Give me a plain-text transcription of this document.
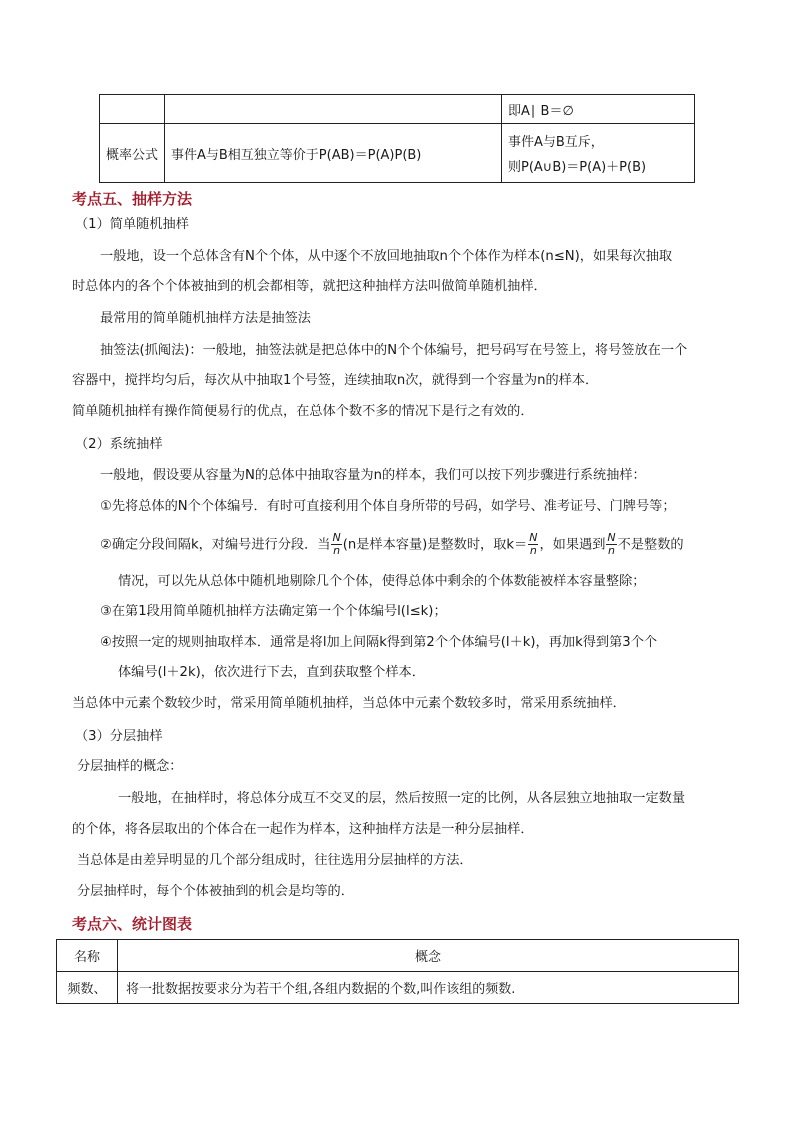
		即A∣ B＝∅
概率公式	事件A与B相互独立等价于P(AB)＝P(A)P(B)	事件A与B互斥，
则P(A∪B)＝P(A)＋P(B)
考点五、抽样方法
（1）简单随机抽样
一般地，设一个总体含有N个个体，从中逐个不放回地抽取n个个体作为样本(n≤N)，如果每次抽取
时总体内的各个个体被抽到的机会都相等，就把这种抽样方法叫做简单随机抽样．
最常用的简单随机抽样方法是抽签法
抽签法(抓阄法)：一般地，抽签法就是把总体中的N个个体编号，把号码写在号签上，将号签放在一个
容器中，搅拌均匀后，每次从中抽取1个号签，连续抽取n次，就得到一个容量为n的样本．
简单随机抽样有操作简便易行的优点，在总体个数不多的情况下是行之有效的．
（2）系统抽样
一般地，假设要从容量为N的总体中抽取容量为n的样本，我们可以按下列步骤进行系统抽样：
①先将总体的N个个体编号．有时可直接利用个体自身所带的号码，如学号、准考证号、门牌号等；
②确定分段间隔k，对编号进行分段．当 $\frac{N}{n} (n$是样本容量)是整数时，取$k= \frac{N}{n}$ ，如果遇到 $\frac{N}{n}$ 不是整数的
情况，可以先从总体中随机地剔除几个个体，使得总体中剩余的个体数能被样本容量整除；
③在第1段用简单随机抽样方法确定第一个个体编号l(l≤k)；
④按照一定的规则抽取样本．通常是将l加上间隔k得到第2个个体编号(l＋k)，再加k得到第3个个
体编号(l＋2k)，依次进行下去，直到获取整个样本．
当总体中元素个数较少时，常采用简单随机抽样，当总体中元素个数较多时，常采用系统抽样．
（3）分层抽样
分层抽样的概念：
一般地，在抽样时，将总体分成互不交叉的层，然后按照一定的比例，从各层独立地抽取一定数量
的个体，将各层取出的个体合在一起作为样本，这种抽样方法是一种分层抽样．
当总体是由差异明显的几个部分组成时，往往选用分层抽样的方法．
分层抽样时，每个个体被抽到的机会是均等的．
考点六、统计图表
名称	概念
频数、	将一批数据按要求分为若干个组,各组内数据的个数,叫作该组的频数.
